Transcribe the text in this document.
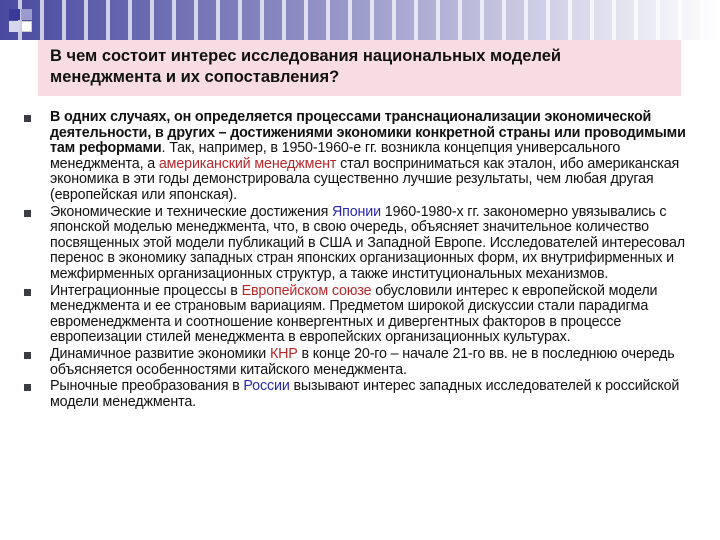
В чем состоит интерес исследования национальных моделей
менеджмента и их сопоставления?

В одних случаях, он определяется процессами транснационализации экономической деятельности, в других – достижениями экономики конкретной страны или проводимыми там реформами. Так, например, в 1950-1960-е гг. возникла концепция универсального менеджмента, а американский менеджмент стал восприниматься как эталон, ибо американская экономика в эти годы демонстрировала существенно лучшие результаты, чем любая другая (европейская или японская).
Экономические и технические достижения Японии 1960-1980-х гг. закономерно увязывались с японской моделью менеджмента, что, в свою очередь, объясняет значительное количество посвященных этой модели публикаций в США и Западной Европе. Исследователей интересовал перенос в экономику западных стран японских организационных форм, их внутрифирменных и межфирменных организационных структур, а также институциональных механизмов.
Интеграционные процессы в Европейском союзе обусловили интерес к европейской модели менеджмента и ее страновым вариациям. Предметом широкой дискуссии стали парадигма евроменеджмента и соотношение конвергентных и дивергентных факторов в процессе европеизации стилей менеджмента в европейских организационных культурах.
Динамичное развитие экономики КНР в конце 20-го – начале 21-го вв. не в последнюю очередь объясняется особенностями китайского менеджмента.
Рыночные преобразования в России вызывают интерес западных исследователей к российской модели менеджмента.
